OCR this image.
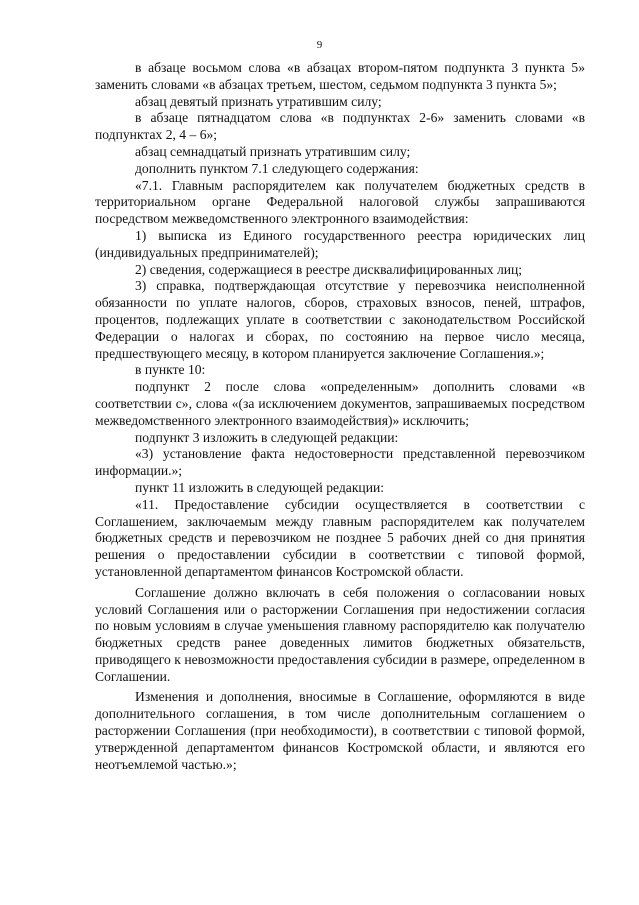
9

в абзаце восьмом слова «в абзацах втором-пятом подпункта 3 пункта 5» заменить словами «в абзацах третьем, шестом, седьмом подпункта 3 пункта 5»;

абзац девятый признать утратившим силу;

в абзаце пятнадцатом слова «в подпунктах 2-6» заменить словами «в подпунктах 2, 4 – 6»;

абзац семнадцатый признать утратившим силу;

дополнить пунктом 7.1 следующего содержания:

«7.1. Главным распорядителем как получателем бюджетных средств в территориальном органе Федеральной налоговой службы запрашиваются посредством межведомственного электронного взаимодействия:

1) выписка из Единого государственного реестра юридических лиц (индивидуальных предпринимателей);

2) сведения, содержащиеся в реестре дисквалифицированных лиц;

3) справка, подтверждающая отсутствие у перевозчика неисполненной обязанности по уплате налогов, сборов, страховых взносов, пеней, штрафов, процентов, подлежащих уплате в соответствии с законодательством Российской Федерации о налогах и сборах, по состоянию на первое число месяца, предшествующего месяцу, в котором планируется заключение Соглашения.»;

в пункте 10:

подпункт 2 после слова «определенным» дополнить словами «в соответствии с», слова «(за исключением документов, запрашиваемых посредством межведомственного электронного взаимодействия)» исключить;

подпункт 3 изложить в следующей редакции:

«3) установление факта недостоверности представленной перевозчиком информации.»;

пункт 11 изложить в следующей редакции:

«11. Предоставление субсидии осуществляется в соответствии с Соглашением, заключаемым между главным распорядителем как получателем бюджетных средств и перевозчиком не позднее 5 рабочих дней со дня принятия решения о предоставлении субсидии в соответствии с типовой формой, установленной департаментом финансов Костромской области.

Соглашение должно включать в себя положения о согласовании новых условий Соглашения или о расторжении Соглашения при недостижении согласия по новым условиям в случае уменьшения главному распорядителю как получателю бюджетных средств ранее доведенных лимитов бюджетных обязательств, приводящего к невозможности предоставления субсидии в размере, определенном в Соглашении.

Изменения и дополнения, вносимые в Соглашение, оформляются в виде дополнительного соглашения, в том числе дополнительным соглашением о расторжении Соглашения (при необходимости), в соответствии с типовой формой, утвержденной департаментом финансов Костромской области, и являются его неотъемлемой частью.»;
